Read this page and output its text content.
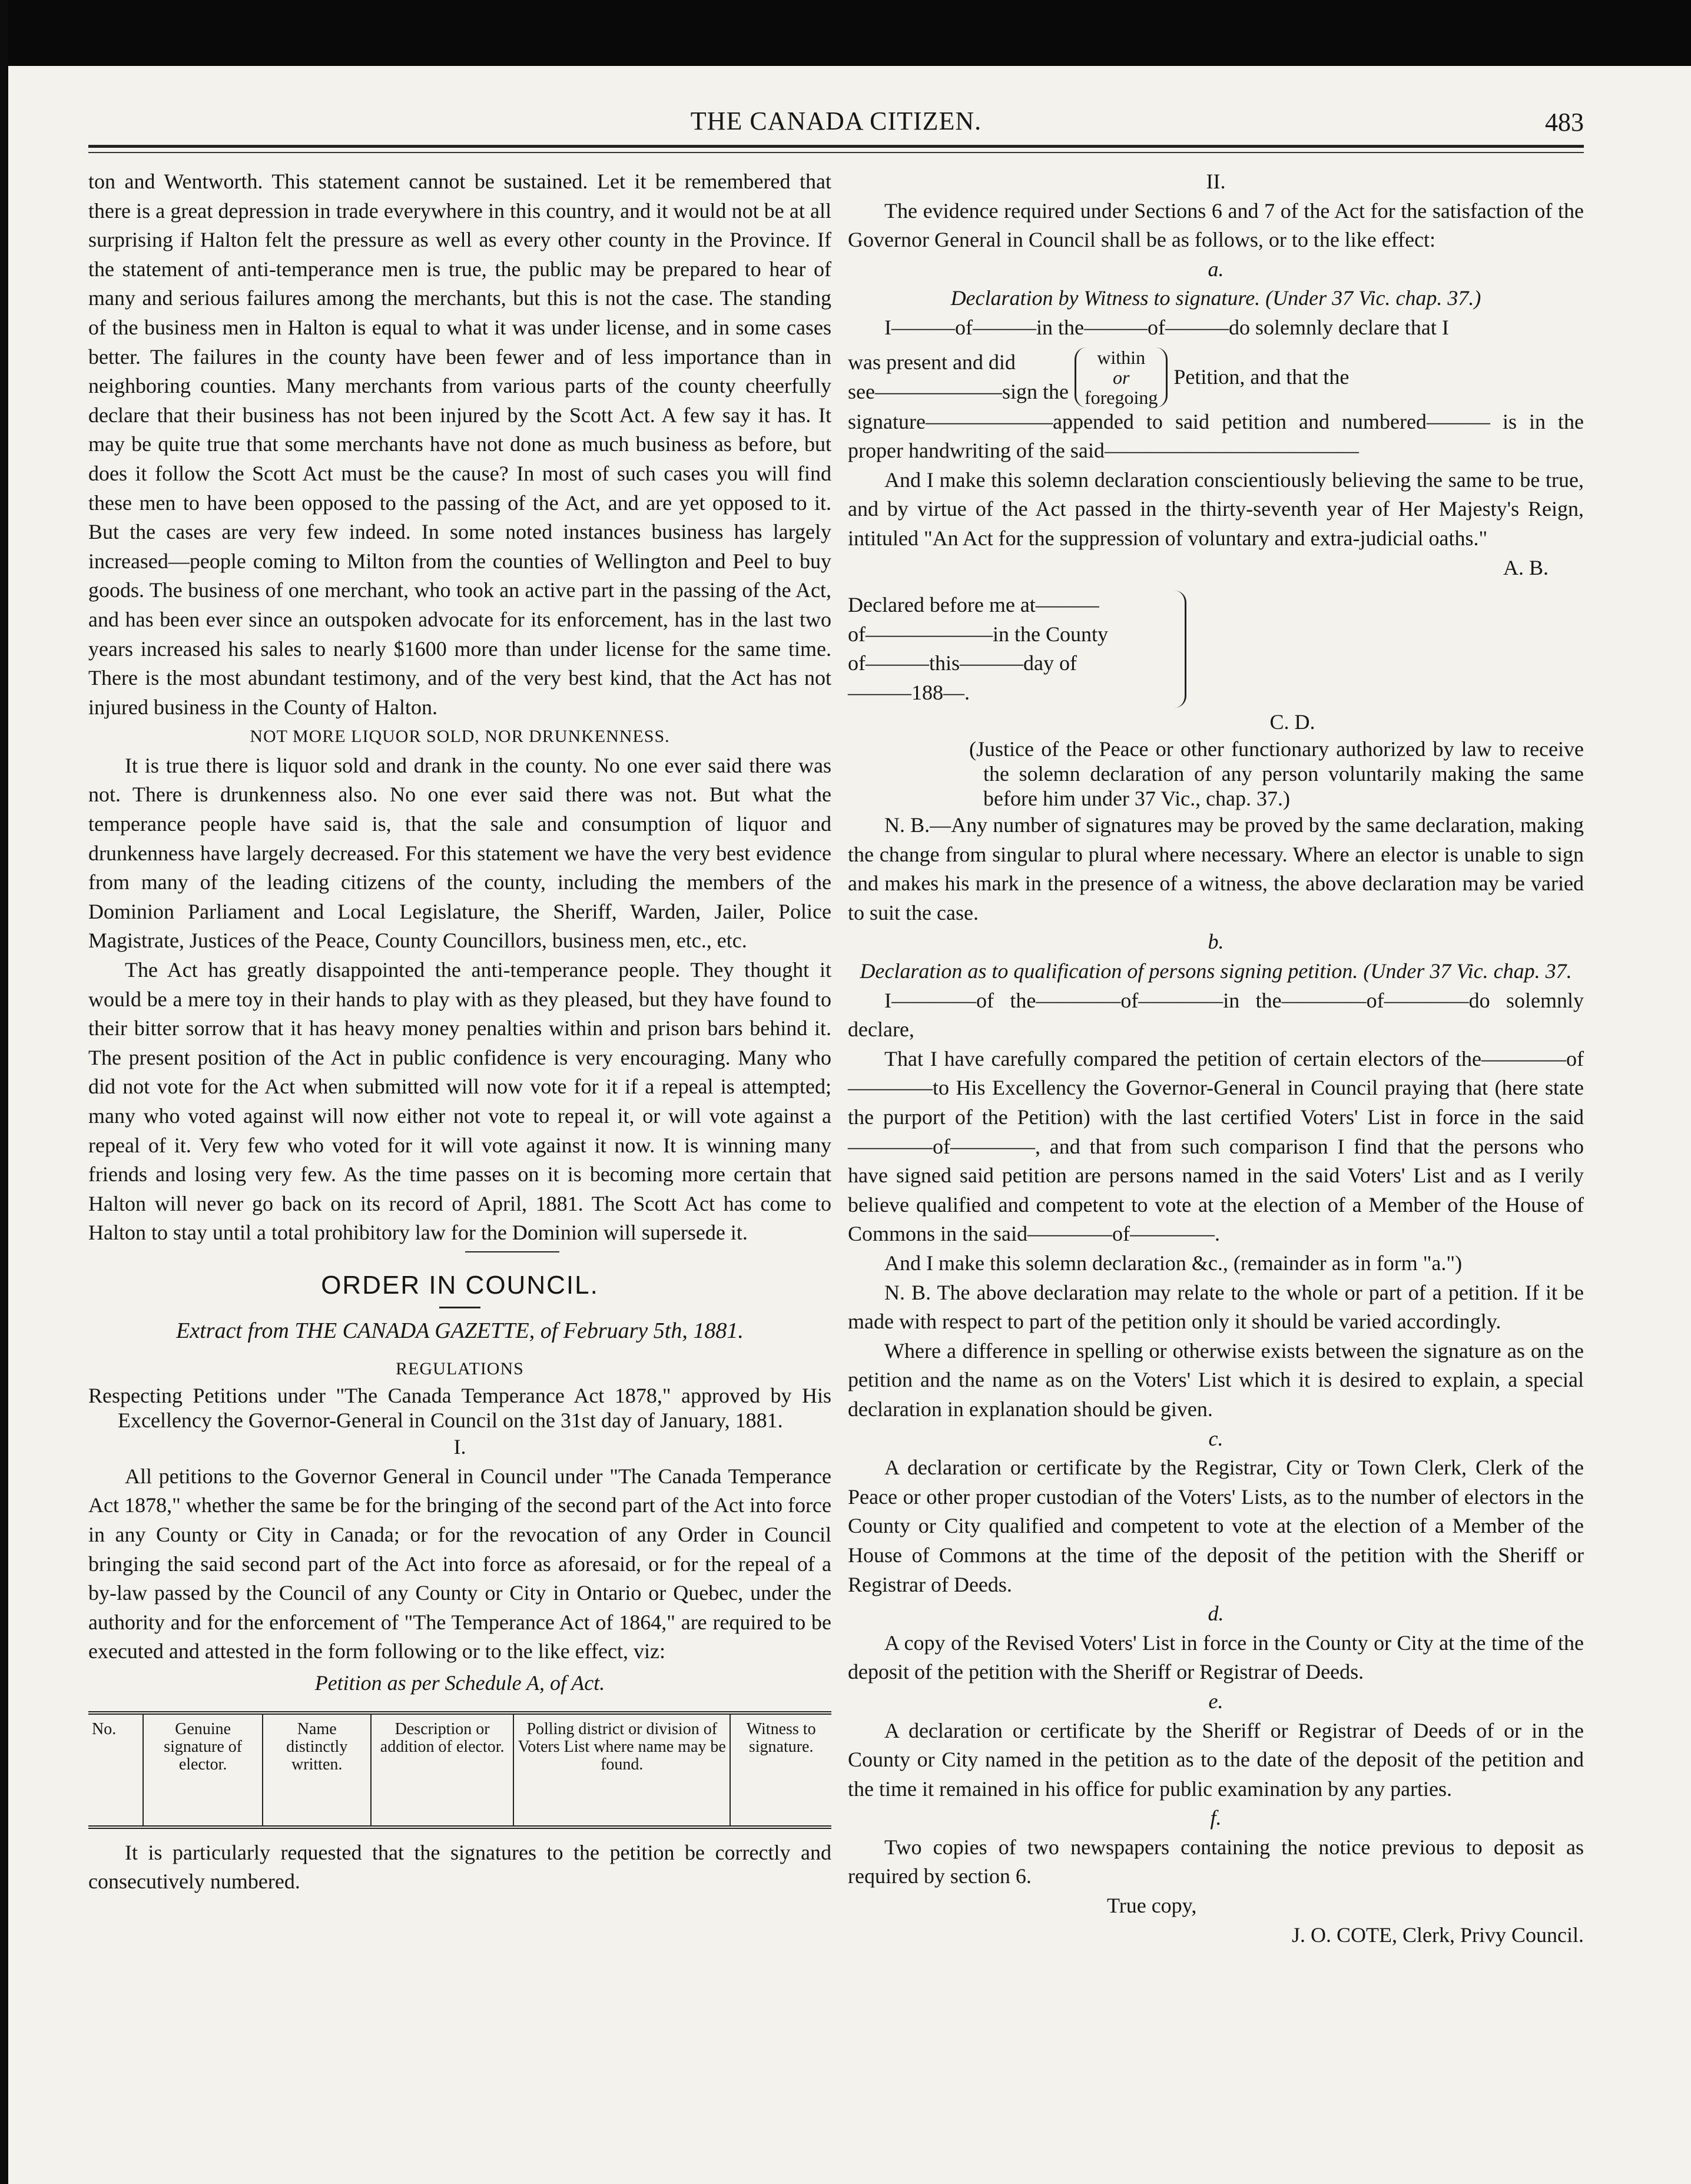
THE CANADA CITIZEN.	483

ton and Wentworth. This statement cannot be sustained. Let it be remembered that there is a great depression in trade everywhere in this country, and it would not be at all surprising if Halton felt the pressure as well as every other county in the Province. If the statement of anti-temperance men is true, the public may be prepared to hear of many and serious failures among the merchants, but this is not the case. The standing of the business men in Halton is equal to what it was under license, and in some cases better. The failures in the county have been fewer and of less importance than in neighboring counties. Many merchants from various parts of the county cheerfully declare that their business has not been injured by the Scott Act. A few say it has. It may be quite true that some merchants have not done as much business as before, but does it follow the Scott Act must be the cause? In most of such cases you will find these men to have been opposed to the passing of the Act, and are yet opposed to it. But the cases are very few indeed. In some noted instances business has largely increased—people coming to Milton from the counties of Wellington and Peel to buy goods. The business of one merchant, who took an active part in the passing of the Act, and has been ever since an outspoken advocate for its enforcement, has in the last two years increased his sales to nearly $1600 more than under license for the same time. There is the most abundant testimony, and of the very best kind, that the Act has not injured business in the County of Halton.

NOT MORE LIQUOR SOLD, NOR DRUNKENNESS.

It is true there is liquor sold and drank in the county. No one ever said there was not. There is drunkenness also. No one ever said there was not. But what the temperance people have said is, that the sale and consumption of liquor and drunkenness have largely decreased. For this statement we have the very best evidence from many of the leading citizens of the county, including the members of the Dominion Parliament and Local Legislature, the Sheriff, Warden, Jailer, Police Magistrate, Justices of the Peace, County Councillors, business men, etc., etc.

The Act has greatly disappointed the anti-temperance people. They thought it would be a mere toy in their hands to play with as they pleased, but they have found to their bitter sorrow that it has heavy money penalties within and prison bars behind it. The present position of the Act in public confidence is very encouraging. Many who did not vote for the Act when submitted will now vote for it if a repeal is attempted; many who voted against will now either not vote to repeal it, or will vote against a repeal of it. Very few who voted for it will vote against it now. It is winning many friends and losing very few. As the time passes on it is becoming more certain that Halton will never go back on its record of April, 1881. The Scott Act has come to Halton to stay until a total prohibitory law for the Dominion will supersede it.

ORDER IN COUNCIL.

Extract from THE CANADA GAZETTE, of February 5th, 1881.

REGULATIONS

Respecting Petitions under "The Canada Temperance Act 1878," approved by His Excellency the Governor-General in Council on the 31st day of January, 1881.

I.

All petitions to the Governor General in Council under "The Canada Temperance Act 1878," whether the same be for the bringing of the second part of the Act into force in any County or City in Canada; or for the revocation of any Order in Council bringing the said second part of the Act into force as aforesaid, or for the repeal of a by-law passed by the Council of any County or City in Ontario or Quebec, under the authority and for the enforcement of "The Temperance Act of 1864," are required to be executed and attested in the form following or to the like effect, viz:

Petition as per Schedule A, of Act.

No.	Genuine signature of elector.	Name distinctly written.	Description or addition of elector.	Polling district or division of Voters List where name may be found.	Witness to signature.

It is particularly requested that the signatures to the petition be correctly and consecutively numbered.

II.

The evidence required under Sections 6 and 7 of the Act for the satisfaction of the Governor General in Council shall be as follows, or to the like effect:

a.

Declaration by Witness to signature. (Under 37 Vic. chap. 37.)

I———of———in the———of———do solemnly declare that I

was present and did
see——————sign the
within
or
foregoing
Petition, and that the

signature——————appended to said petition and numbered——— is in the proper handwriting of the said————————————

And I make this solemn declaration conscientiously believing the same to be true, and by virtue of the Act passed in the thirty-seventh year of Her Majesty's Reign, intituled "An Act for the suppression of voluntary and extra-judicial oaths."

A. B.

Declared before me at———
of——————in the County
of———this———day of
———188—.

C. D.

(Justice of the Peace or other functionary authorized by law to receive the solemn declaration of any person voluntarily making the same before him under 37 Vic., chap. 37.)

N. B.—Any number of signatures may be proved by the same declaration, making the change from singular to plural where necessary. Where an elector is unable to sign and makes his mark in the presence of a witness, the above declaration may be varied to suit the case.

b.

Declaration as to qualification of persons signing petition. (Under 37 Vic. chap. 37.

I————of the————of————in the————of————do solemnly declare,

That I have carefully compared the petition of certain electors of the————of————to His Excellency the Governor-General in Council praying that (here state the purport of the Petition) with the last certified Voters' List in force in the said————of————, and that from such comparison I find that the persons who have signed said petition are persons named in the said Voters' List and as I verily believe qualified and competent to vote at the election of a Member of the House of Commons in the said————of————.

And I make this solemn declaration &c., (remainder as in form "a.")

N. B. The above declaration may relate to the whole or part of a petition. If it be made with respect to part of the petition only it should be varied accordingly.

Where a difference in spelling or otherwise exists between the signature as on the petition and the name as on the Voters' List which it is desired to explain, a special declaration in explanation should be given.

c.

A declaration or certificate by the Registrar, City or Town Clerk, Clerk of the Peace or other proper custodian of the Voters' Lists, as to the number of electors in the County or City qualified and competent to vote at the election of a Member of the House of Commons at the time of the deposit of the petition with the Sheriff or Registrar of Deeds.

d.

A copy of the Revised Voters' List in force in the County or City at the time of the deposit of the petition with the Sheriff or Registrar of Deeds.

e.

A declaration or certificate by the Sheriff or Registrar of Deeds of or in the County or City named in the petition as to the date of the deposit of the petition and the time it remained in his office for public examination by any parties.

f.

Two copies of two newspapers containing the notice previous to deposit as required by section 6.

True copy,

J. O. COTE, Clerk, Privy Council.
